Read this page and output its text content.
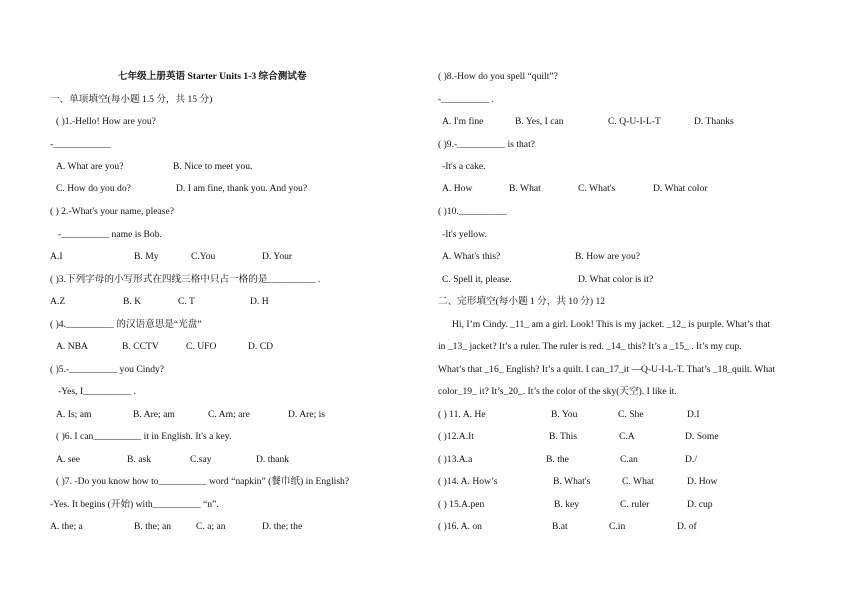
七年级上册英语 Starter Units 1-3 综合测试卷
一、单项填空(每小题 1.5 分，共 15 分)
( )1.-Hello! How are you?
-____________
A. What are you?	B. Nice to meet you.
C. How do you do?	D. I am fine, thank you. And you?
( ) 2.-What's your name, please?
-__________ name is Bob.
A.I	B. My	C.You	D. Your
( )3.下列字母的小写形式在四线三格中只占一格的是__________ .
A.Z	B. K	C. T	D. H
( )4.__________ 的汉语意思是“光盘”
A. NBA	B. CCTV	C. UFO	D. CD
( )5.-__________ you Cindy?
-Yes, I__________ .
A. Is; am	B. Are; am	C. Am; are	D. Are; is
( )6. I can__________ it in English. It's a key.
A. see	B. ask	C.say	D. thank
( )7. -Do you know how to__________ word “napkin” (餐巾纸) in English?
-Yes. It begins (开始) with__________ “n”.
A. the; a	B. the; an	C. a; an	D. the; the
( )8.-How do you spell “quilt”?
-__________ .
A. I'm fine	B. Yes, I can	C. Q-U-I-L-T	D. Thanks
( )9.-__________ is that?
-It's a cake.
A. How	B. What	C. What's	D. What color
( )10.__________
-It's yellow.
A. What's this?	B. How are you?
C. Spell it, please.	D. What color is it?
二、完形填空(每小题 1 分，共 10 分) 12
Hi, I’m Cindy. _11_ am a girl. Look! This is my jacket. _12_ is purple. What’s that
in _13_ jacket? It’s a ruler. The ruler is red. _14_ this? It’s a _15_ . It’s my cup.
What’s that _16_ English? It’s a quilt. I can_17_it —Q-U-I-L-T. That’s _18_quilt. What
color_19_ it? It’s_20_. It’s the color of the sky(天空). I like it.
( ) 11. A. He	B. You	C. She	D.I
( )12.A.It	B. This	C.A	D. Some
( )13.A.a	B. the	C.an	D./
( )14. A. How’s	B. What's	C. What	D. How
( ) 15.A.pen	B. key	C. ruler	D. cup
( )16. A. on	B.at	C.in	D. of
